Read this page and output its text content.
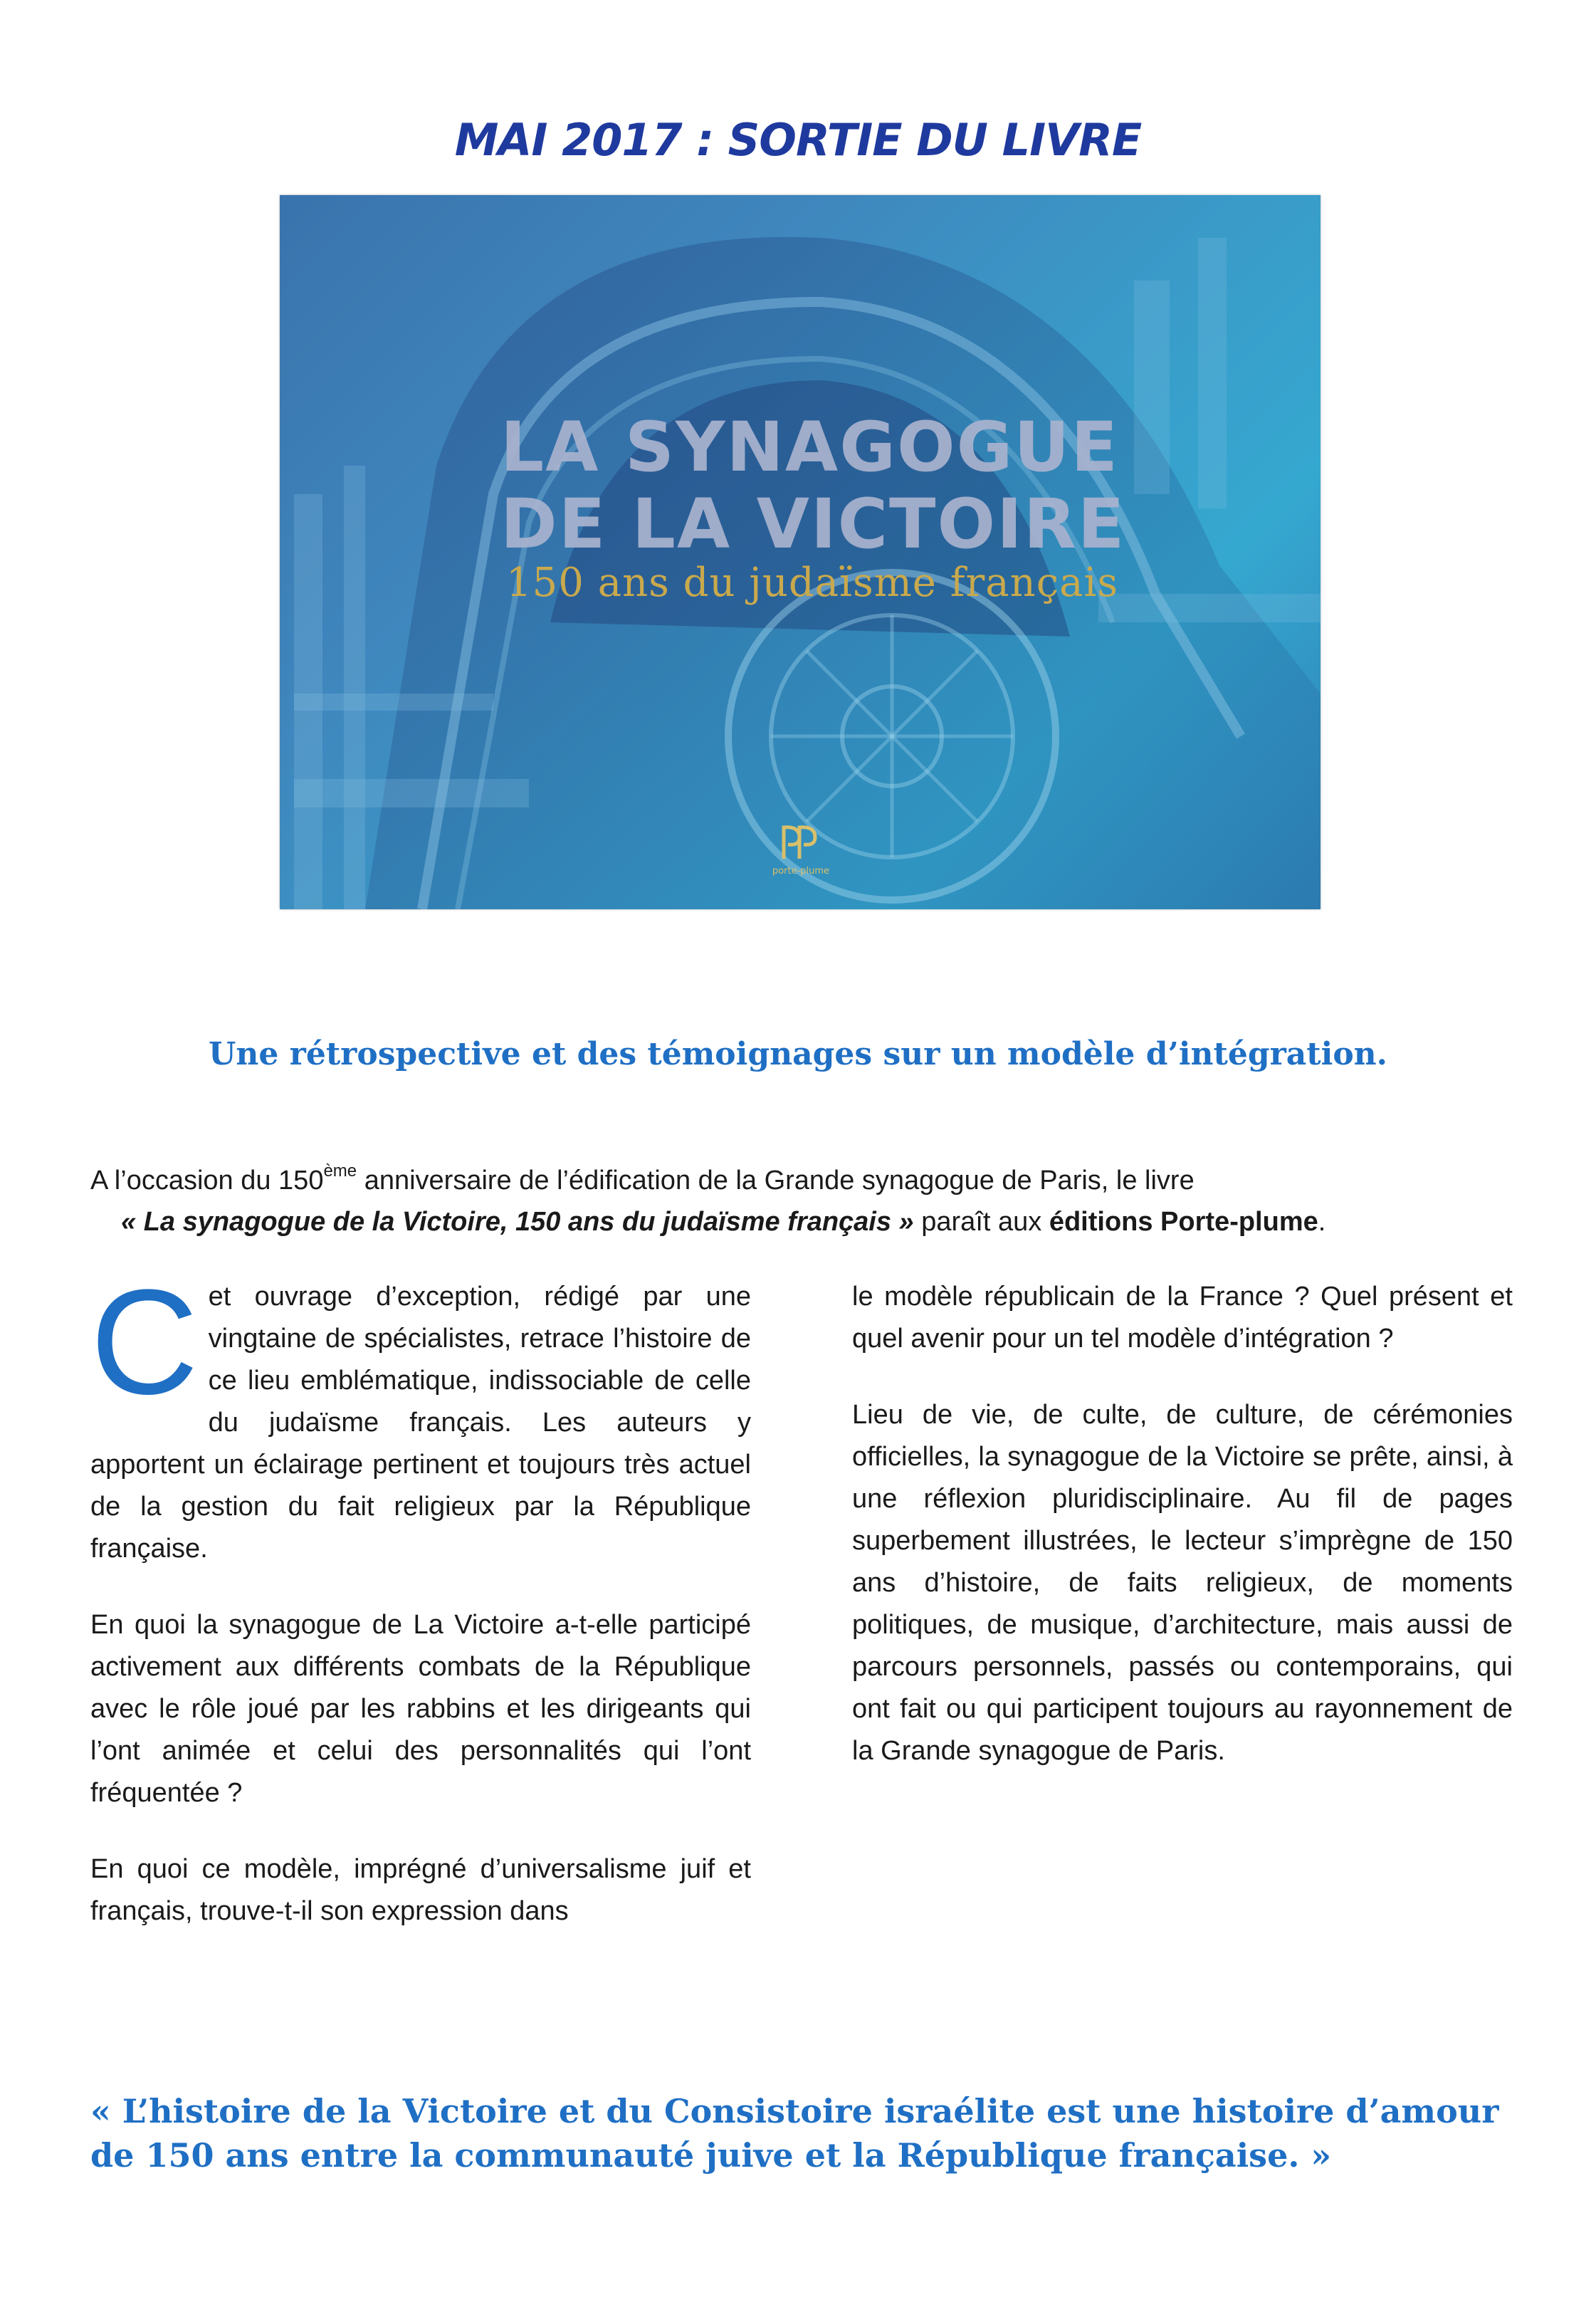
MAI 2017 : SORTIE DU LIVRE
LA SYNAGOGUE
DE LA VICTOIRE
150 ans du judaïsme français
porte-plume
Une rétrospective et des témoignages sur un modèle d’intégration.
A l’occasion du 150ème anniversaire de l’édification de la Grande synagogue de Paris, le livre
« La synagogue de la Victoire, 150 ans du judaïsme français » paraît aux éditions Porte-plume.

Cet ouvrage d’exception, rédigé par une vingtaine de spécialistes, retrace l’histoire de ce lieu emblématique, indissociable de celle du judaïsme français. Les auteurs y apportent un éclairage pertinent et toujours très actuel de la gestion du fait religieux par la République française.

En quoi la synagogue de La Victoire a-t-elle participé activement aux différents combats de la République avec le rôle joué par les rabbins et les dirigeants qui l’ont animée et celui des personnalités qui l’ont fréquentée ?

En quoi ce modèle, imprégné d’universalisme juif et français, trouve-t-il son expression dans

le modèle républicain de la France ? Quel présent et quel avenir pour un tel modèle d’intégration ?

Lieu de vie, de culte, de culture, de cérémonies officielles, la synagogue de la Victoire se prête, ainsi, à une réflexion pluridisciplinaire. Au fil de pages superbement illustrées, le lecteur s’imprègne de 150 ans d’histoire, de faits religieux, de moments politiques, de musique, d’architecture, mais aussi de parcours personnels, passés ou contemporains, qui ont fait ou qui participent toujours au rayonnement de la Grande synagogue de Paris.

« L’histoire de la Victoire et du Consistoire israélite est une histoire d’amour de 150 ans entre la communauté juive et la République française. »
